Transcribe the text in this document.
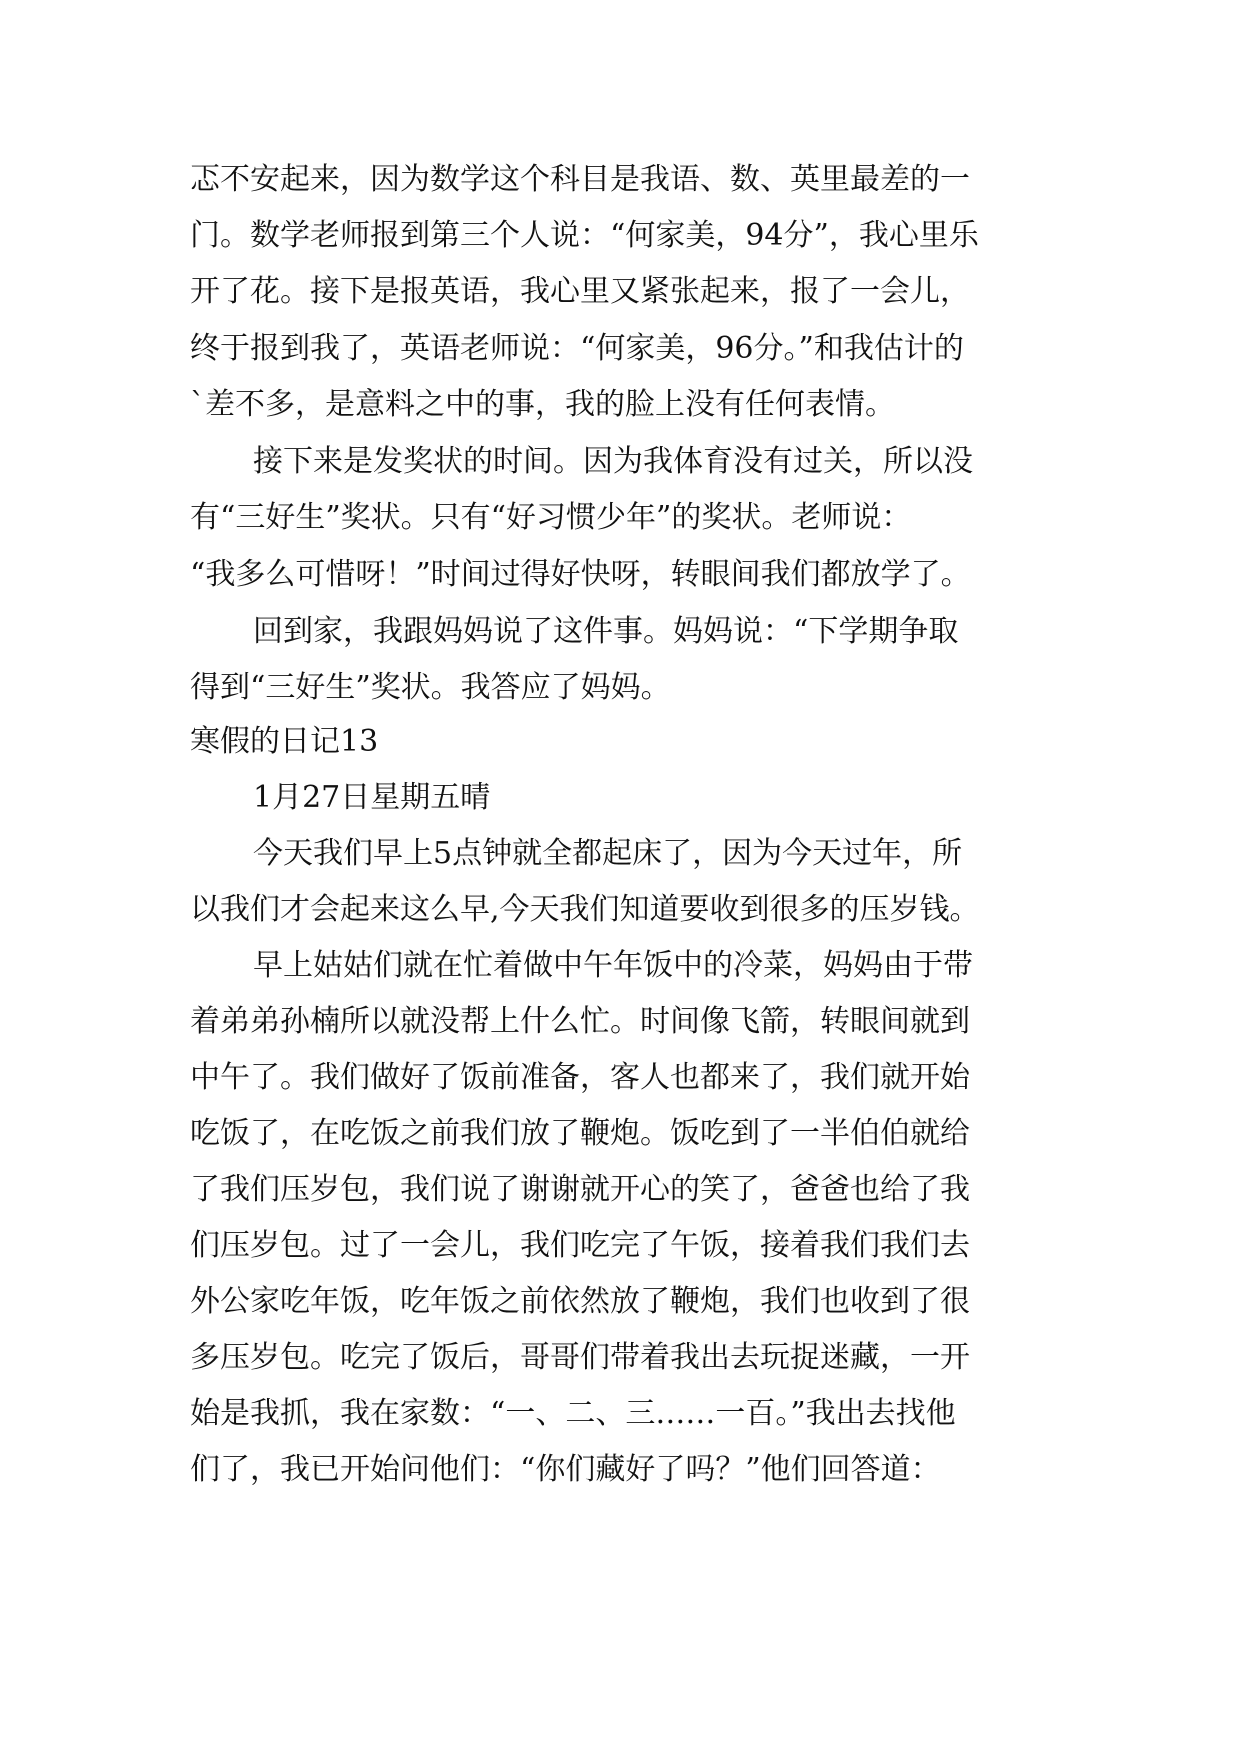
忑不安起来，因为数学这个科目是我语、数、英里最差的一
门。数学老师报到第三个人说：“何家美，94分”，我心里乐
开了花。接下是报英语，我心里又紧张起来，报了一会儿，
终于报到我了，英语老师说：“何家美，96分。”和我估计的
`差不多，是意料之中的事，我的脸上没有任何表情。
接下来是发奖状的时间。因为我体育没有过关，所以没
有“三好生”奖状。只有“好习惯少年”的奖状。老师说：
“我多么可惜呀！”时间过得好快呀，转眼间我们都放学了。
回到家，我跟妈妈说了这件事。妈妈说：“下学期争取
得到“三好生”奖状。我答应了妈妈。
寒假的日记13
1月27日星期五晴
今天我们早上5点钟就全都起床了，因为今天过年，所
以我们才会起来这么早,今天我们知道要收到很多的压岁钱。
早上姑姑们就在忙着做中午年饭中的冷菜，妈妈由于带
着弟弟孙楠所以就没帮上什么忙。时间像飞箭，转眼间就到
中午了。我们做好了饭前准备，客人也都来了，我们就开始
吃饭了，在吃饭之前我们放了鞭炮。饭吃到了一半伯伯就给
了我们压岁包，我们说了谢谢就开心的笑了，爸爸也给了我
们压岁包。过了一会儿，我们吃完了午饭，接着我们我们去
外公家吃年饭，吃年饭之前依然放了鞭炮，我们也收到了很
多压岁包。吃完了饭后，哥哥们带着我出去玩捉迷藏，一开
始是我抓，我在家数：“一、二、三……一百。”我出去找他
们了，我已开始问他们：“你们藏好了吗？”他们回答道：
